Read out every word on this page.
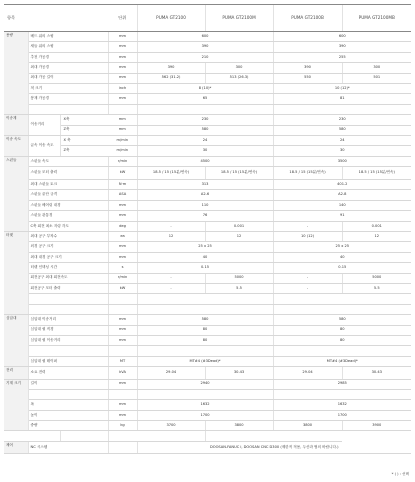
항목			단위	PUMA GT2100	PUMA GT2100M	PUMA GT2100B	PUMA GT2100MB
용량	베드 위의 스윙		mm	600		600	
	새들 위의 스윙		mm	390		390	
	추천 가공경		mm	210		255	
	최대 가공경		mm	390	300	390	300
	최대 가공 길이		mm	562 (31.2)	513 (26.3)	550	501
	척 크기		inch	8 (10)*		10 (12)*	
	봉재 가공경		mm	65		81	

이송계	이송거리	X축	mm	230		230	
		Z축	mm	580		580	
이송 속도	급속 이송 속도	X 축	m/min	24		24	
		Z축	m/min	30		30	
스핀들	스핀들 속도		r/min	4500		3500	
	스핀들 모터 출력		kW	18.5 / 15 (15분/연속)	18.5 / 15 (15분/연속)	18.5 / 15 (15분/연속)	18.5 / 15 (15분/연속)
	최대 스핀들 토크		N·m	313		401.2	
	스핀들 끝단 규격		ASA	A2-6		A2-8	
	스핀들 베어링 내경		mm	110		140	
	스핀들 관통경		mm	76		91	
	C축 회전 최소 지령 각도		deg	-	0.001	-	0.001
터렛	최대 공구 부착수		ea	12	12	10 (12)	12
	외경 공구 크기		mm	25 x 25		25 x 25	
	최대 내경 공구 크기		mm	40		40	
	터렛 인덱싱 시간		s	0.15		0.15	
	회전공구 최대 회전속도		r/min	-	5000	-	5000
	회전공구 모터 출력		kW	-	5.5	-	5.5

심압대	심압대 이송거리		mm	580		580	
	심압대 퀼 직경		mm	80		80	
	심압대 퀼 이송거리		mm	80		80	

	심압대 퀼 테이퍼		MT	MT#4 (#3Dead)*		MT#4 (#3Dead)*	
전력	소요 전력		kVA	29.04	30.43	29.04	30.43
기계 크기	길이		mm	2940		2985	

	폭		mm	1632		1632	
	높이		mm	1700		1700	
	중량		kg	3700	3800	3800	3900

제어	NC 시스템			DOOSAN-FANUC i, DOOSAN CNC D300 (제한적 적용, 두산과 협의 바랍니다.)			
* ( ) : 선택
